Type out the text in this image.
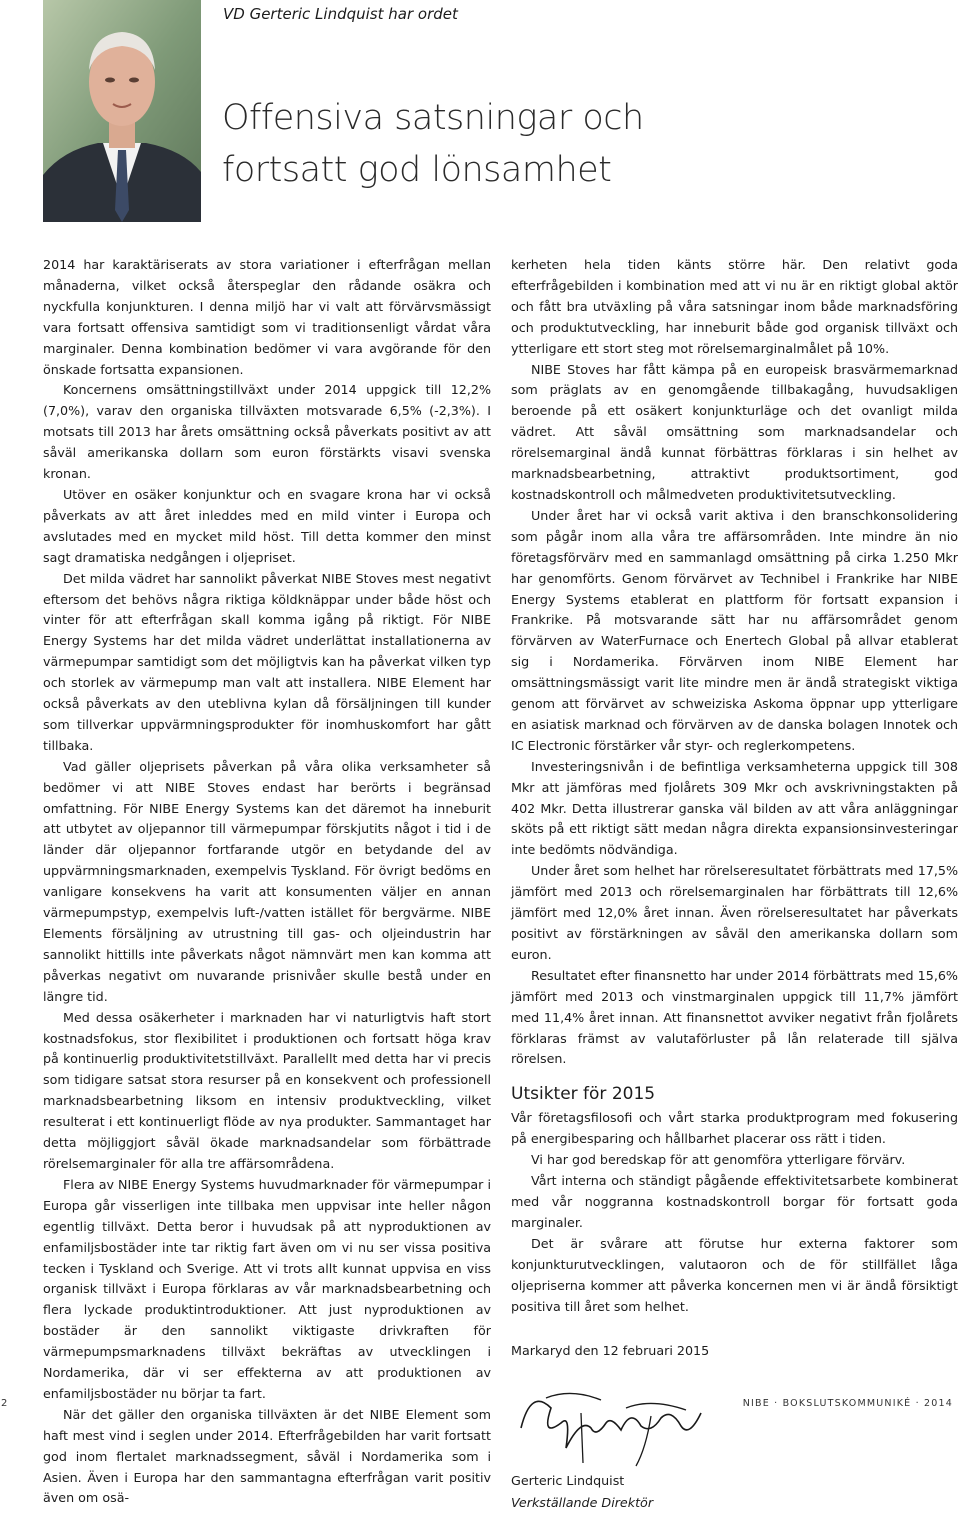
VD Gerteric Lindquist har ordet
Offensiva satsningar och
fortsatt god lönsamhet

2014 har karaktäriserats av stora variationer i efterfrågan mellan månaderna, vilket också återspeglar den rådande osäkra och nyckfulla konjunkturen. I denna miljö har vi valt att förvärvsmässigt vara fortsatt offensiva samtidigt som vi traditionsenligt vårdat våra marginaler. Denna kombination bedömer vi vara avgörande för den önskade fortsatta expansionen.

Koncernens omsättningstillväxt under 2014 uppgick till 12,2% (7,0%), varav den organiska tillväxten motsvarade 6,5% (-2,3%). I motsats till 2013 har årets omsättning också påverkats positivt av att såväl amerikanska dollarn som euron förstärkts visavi svenska kronan.

Utöver en osäker konjunktur och en svagare krona har vi också påverkats av att året inleddes med en mild vinter i Europa och avslutades med en mycket mild höst. Till detta kommer den minst sagt dramatiska nedgången i oljepriset.

Det milda vädret har sannolikt påverkat NIBE Stoves mest negativt eftersom det behövs några riktiga köldknäppar under både höst och vinter för att efterfrågan skall komma igång på riktigt. För NIBE Energy Systems har det milda vädret underlättat installationerna av värmepumpar samtidigt som det möjligtvis kan ha påverkat vilken typ och storlek av värmepump man valt att installera. NIBE Element har också påverkats av den uteblivna kylan då försäljningen till kunder som tillverkar uppvärmningsprodukter för inomhuskomfort har gått tillbaka.

Vad gäller oljeprisets påverkan på våra olika verksamheter så bedömer vi att NIBE Stoves endast har berörts i begränsad omfattning. För NIBE Energy Systems kan det däremot ha inneburit att utbytet av oljepannor till värmepumpar förskjutits något i tid i de länder där oljepannor fortfarande utgör en betydande del av uppvärmningsmarknaden, exempelvis Tyskland. För övrigt bedöms en vanligare konsekvens ha varit att konsumenten väljer en annan värmepumpstyp, exempelvis luft-/vatten istället för bergvärme. NIBE Elements försäljning av utrustning till gas- och oljeindustrin har sannolikt hittills inte påverkats något nämnvärt men kan komma att påverkas negativt om nuvarande prisnivåer skulle bestå under en längre tid.

Med dessa osäkerheter i marknaden har vi naturligtvis haft stort kostnadsfokus, stor flexibilitet i produktionen och fortsatt höga krav på kontinuerlig produktivitetstillväxt. Parallellt med detta har vi precis som tidigare satsat stora resurser på en konsekvent och professionell marknadsbearbetning liksom en intensiv produktveckling, vilket resulterat i ett kontinuerligt flöde av nya produkter. Sammantaget har detta möjliggjort såväl ökade marknadsandelar som förbättrade rörelsemarginaler för alla tre affärsområdena.

Flera av NIBE Energy Systems huvudmarknader för värmepumpar i Europa går visserligen inte tillbaka men uppvisar inte heller någon egentlig tillväxt. Detta beror i huvudsak på att nyproduktionen av enfamiljsbostäder inte tar riktig fart även om vi nu ser vissa positiva tecken i Tyskland och Sverige. Att vi trots allt kunnat uppvisa en viss organisk tillväxt i Europa förklaras av vår marknadsbearbetning och flera lyckade produktintroduktioner. Att just nyproduktionen av bostäder är den sannolikt viktigaste drivkraften för värmepumpsmarknadens tillväxt bekräftas av utvecklingen i Nordamerika, där vi ser effekterna av att produktionen av enfamiljsbostäder nu börjar ta fart.

När det gäller den organiska tillväxten är det NIBE Element som haft mest vind i seglen under 2014. Efterfrågebilden har varit fortsatt god inom flertalet marknadssegment, såväl i Nordamerika som i Asien. Även i Europa har den sammantagna efterfrågan varit positiv även om osä-

kerheten hela tiden känts större här. Den relativt goda efterfrågebilden i kombination med att vi nu är en riktigt global aktör och fått bra utväxling på våra satsningar inom både marknadsföring och produktutveckling, har inneburit både god organisk tillväxt och ytterligare ett stort steg mot rörelsemarginalmålet på 10%.

NIBE Stoves har fått kämpa på en europeisk brasvärmemarknad som präglats av en genomgående tillbakagång, huvudsakligen beroende på ett osäkert konjunkturläge och det ovanligt milda vädret. Att såväl omsättning som marknadsandelar och rörelsemarginal ändå kunnat förbättras förklaras i sin helhet av marknadsbearbetning, attraktivt produktsortiment, god kostnadskontroll och målmedveten produktivitetsutveckling.

Under året har vi också varit aktiva i den branschkonsolidering som pågår inom alla våra tre affärsområden. Inte mindre än nio företagsförvärv med en sammanlagd omsättning på cirka 1.250 Mkr har genomförts. Genom förvärvet av Technibel i Frankrike har NIBE Energy Systems etablerat en plattform för fortsatt expansion i Frankrike. På motsvarande sätt har nu affärsområdet genom förvärven av WaterFurnace och Enertech Global på allvar etablerat sig i Nordamerika. Förvärven inom NIBE Element har omsättningsmässigt varit lite mindre men är ändå strategiskt viktiga genom att förvärvet av schweiziska Askoma öppnar upp ytterligare en asiatisk marknad och förvärven av de danska bolagen Innotek och IC Electronic förstärker vår styr- och reglerkompetens.

Investeringsnivån i de befintliga verksamheterna uppgick till 308 Mkr att jämföras med fjolårets 309 Mkr och avskrivningstakten på 402 Mkr. Detta illustrerar ganska väl bilden av att våra anläggningar sköts på ett riktigt sätt medan några direkta expansionsinvesteringar inte bedömts nödvändiga.

Under året som helhet har rörelseresultatet förbättrats med 17,5% jämfört med 2013 och rörelsemarginalen har förbättrats till 12,6% jämfört med 12,0% året innan. Även rörelseresultatet har påverkats positivt av förstärkningen av såväl den amerikanska dollarn som euron.

Resultatet efter finansnetto har under 2014 förbättrats med 15,6% jämfört med 2013 och vinstmarginalen uppgick till 11,7% jämfört med 11,4% året innan. Att finansnettot avviker negativt från fjolårets förklaras främst av valutaförluster på lån relaterade till själva rörelsen.

Utsikter för 2015

Vår företagsfilosofi och vårt starka produktprogram med fokusering på energibesparing och hållbarhet placerar oss rätt i tiden.

Vi har god beredskap för att genomföra ytterligare förvärv.

Vårt interna och ständigt pågående effektivitetsarbete kombinerat med vår noggranna kostnadskontroll borgar för fortsatt goda marginaler.

Det är svårare att förutse hur externa faktorer som konjunkturutvecklingen, valutaoron och de för stillfället låga oljepriserna kommer att påverka koncernen men vi är ändå försiktigt positiva till året som helhet.

Markaryd den 12 februari 2015

Gerteric Lindquist

Verkställande Direktör

2	NIBE · BOKSLUTSKOMMUNIKÉ · 2014
